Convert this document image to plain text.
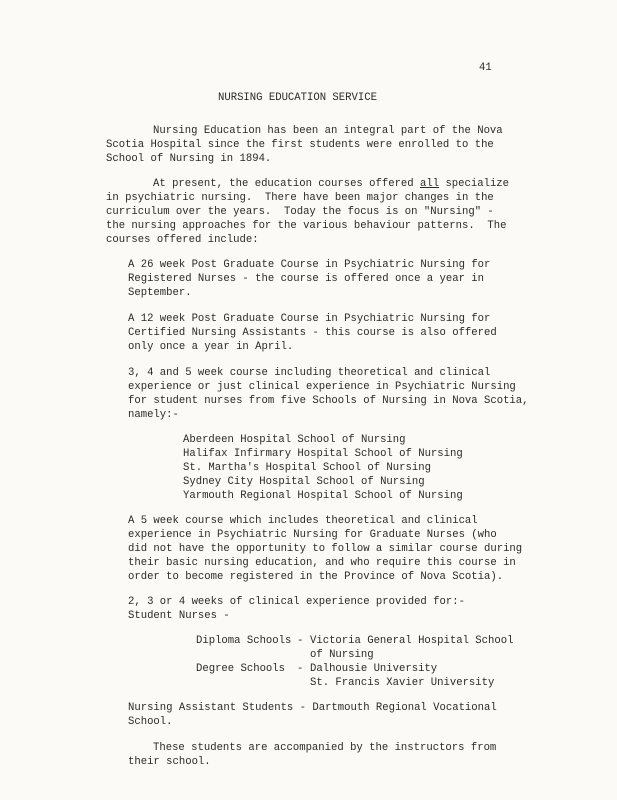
41
NURSING EDUCATION SERVICE
Nursing Education has been an integral part of the Nova
Scotia Hospital since the first students were enrolled to the
School of Nursing in 1894.
At present, the education courses offered all specialize
in psychiatric nursing.  There have been major changes in the
curriculum over the years.  Today the focus is on "Nursing" -
the nursing approaches for the various behaviour patterns.  The
courses offered include:
A 26 week Post Graduate Course in Psychiatric Nursing for
Registered Nurses - the course is offered once a year in
September.
A 12 week Post Graduate Course in Psychiatric Nursing for
Certified Nursing Assistants - this course is also offered
only once a year in April.
3, 4 and 5 week course including theoretical and clinical
experience or just clinical experience in Psychiatric Nursing
for student nurses from five Schools of Nursing in Nova Scotia,
namely:-
Aberdeen Hospital School of Nursing
Halifax Infirmary Hospital School of Nursing
St. Martha's Hospital School of Nursing
Sydney City Hospital School of Nursing
Yarmouth Regional Hospital School of Nursing
A 5 week course which includes theoretical and clinical
experience in Psychiatric Nursing for Graduate Nurses (who
did not have the opportunity to follow a similar course during
their basic nursing education, and who require this course in
order to become registered in the Province of Nova Scotia).
2, 3 or 4 weeks of clinical experience provided for:-
Student Nurses -
Diploma Schools - Victoria General Hospital School
of Nursing
Degree Schools - Dalhousie University
St. Francis Xavier University
Nursing Assistant Students - Dartmouth Regional Vocational
School.
These students are accompanied by the instructors from
their school.
